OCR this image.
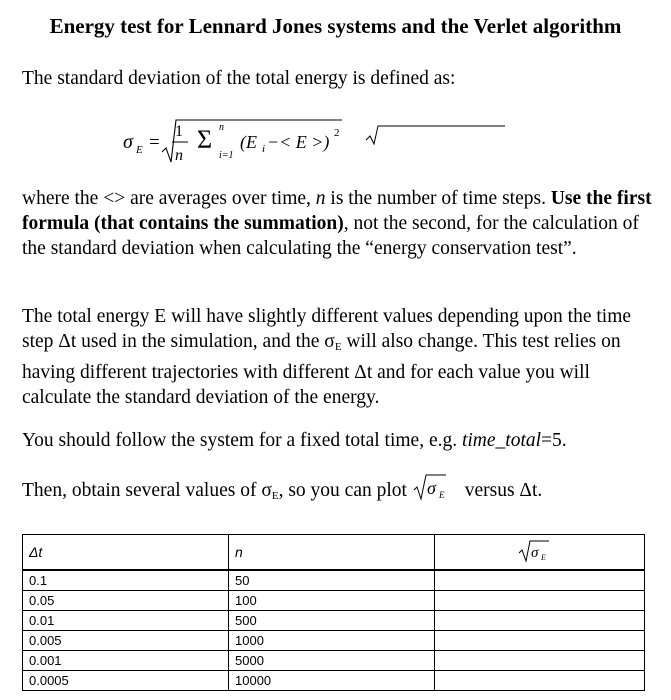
Energy test for Lennard Jones systems and the Verlet algorithm

The standard deviation of the total energy is defined as:

σ E =
1
n
Σ n
i=1
(E i −< E >) 2

where the <> are averages over time, n is the number of time steps. Use the first formula (that contains the summation), not the second, for the calculation of the standard deviation when calculating the “energy conservation test”.

The total energy E will have slightly different values depending upon the time step Δt used in the simulation, and the $\sigma_E$ will also change. This test relies on having different trajectories with different Δt and for each value you will calculate the standard deviation of the energy.

You should follow the system for a fixed total time, e.g. time_total=5.

Then, obtain several values of $\sigma_E$, so you can plot σ E versus Δt.

Δt	n	σ E

0.1	50	
0.05	100	
0.01	500	
0.005	1000	
0.001	5000	
0.0005	10000	
